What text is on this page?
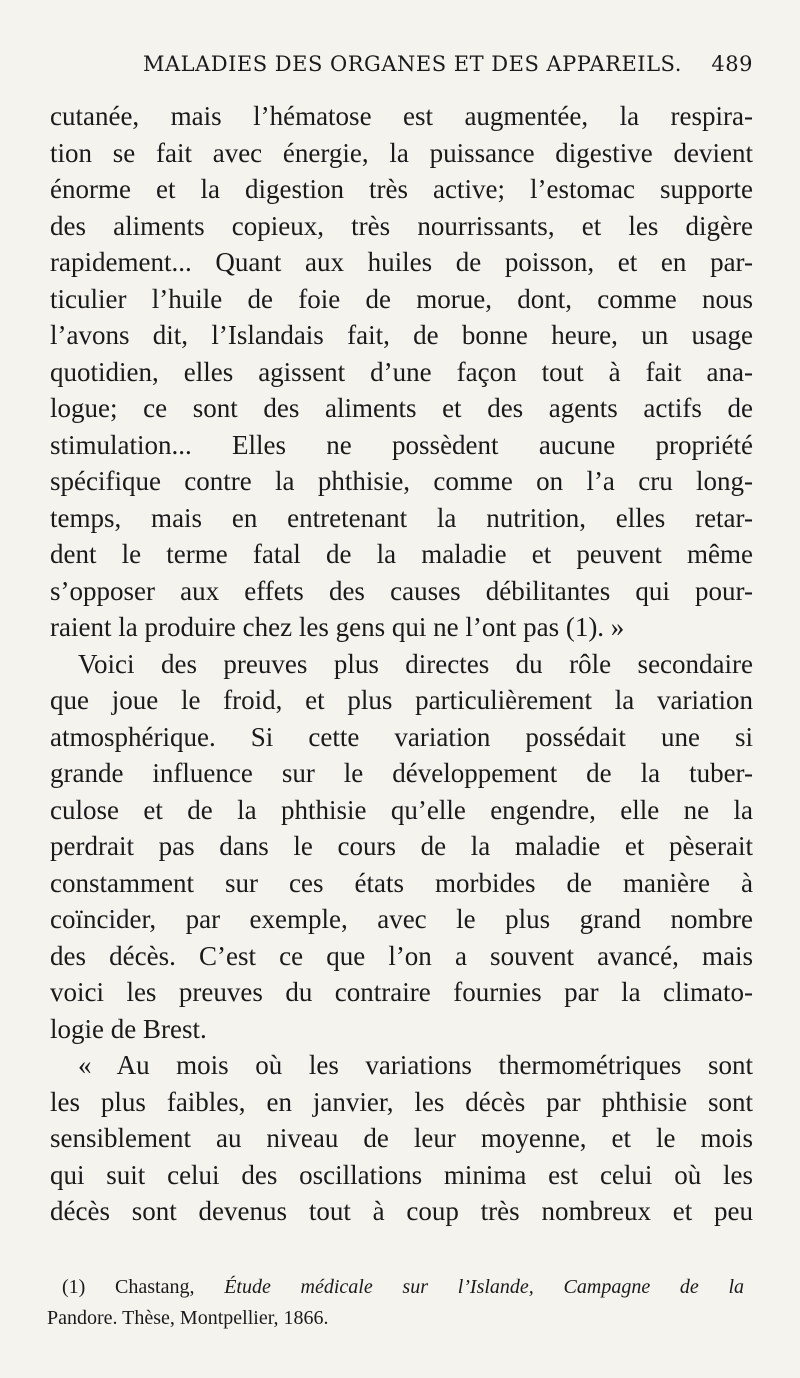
MALADIES DES ORGANES ET DES APPAREILS. 489
cutanée, mais l’hématose est augmentée, la respira-
tion se fait avec énergie, la puissance digestive devient
énorme et la digestion très active; l’estomac supporte
des aliments copieux, très nourrissants, et les digère
rapidement... Quant aux huiles de poisson, et en par-
ticulier l’huile de foie de morue, dont, comme nous
l’avons dit, l’Islandais fait, de bonne heure, un usage
quotidien, elles agissent d’une façon tout à fait ana-
logue; ce sont des aliments et des agents actifs de
stimulation... Elles ne possèdent aucune propriété
spécifique contre la phthisie, comme on l’a cru long-
temps, mais en entretenant la nutrition, elles retar-
dent le terme fatal de la maladie et peuvent même
s’opposer aux effets des causes débilitantes qui pour-
raient la produire chez les gens qui ne l’ont pas (1). »
Voici des preuves plus directes du rôle secondaire
que joue le froid, et plus particulièrement la variation
atmosphérique. Si cette variation possédait une si
grande influence sur le développement de la tuber-
culose et de la phthisie qu’elle engendre, elle ne la
perdrait pas dans le cours de la maladie et pèserait
constamment sur ces états morbides de manière à
coïncider, par exemple, avec le plus grand nombre
des décès. C’est ce que l’on a souvent avancé, mais
voici les preuves du contraire fournies par la climato-
logie de Brest.
« Au mois où les variations thermométriques sont
les plus faibles, en janvier, les décès par phthisie sont
sensiblement au niveau de leur moyenne, et le mois
qui suit celui des oscillations minima est celui où les
décès sont devenus tout à coup très nombreux et peu
(1) Chastang, Étude médicale sur l’Islande, Campagne de la
Pandore. Thèse, Montpellier, 1866.
